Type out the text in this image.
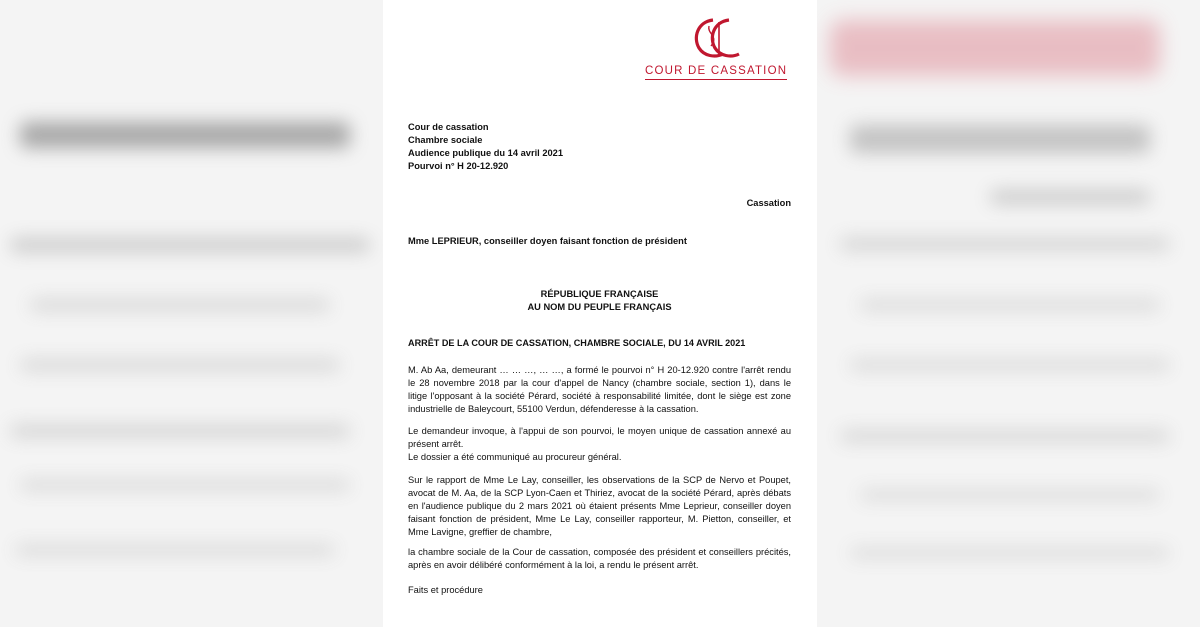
COUR DE CASSATION
Cour de cassation
Chambre sociale
Audience publique du 14 avril 2021
Pourvoi n° H 20-12.920
Cassation
Mme LEPRIEUR, conseiller doyen faisant fonction de président
RÉPUBLIQUE FRANÇAISE
AU NOM DU PEUPLE FRANÇAIS
ARRÊT DE LA COUR DE CASSATION, CHAMBRE SOCIALE, DU 14 AVRIL 2021
M. Ab Aa, demeurant … … …, … …, a formé le pourvoi n° H 20-12.920 contre l'arrêt rendu le 28 novembre 2018 par la cour d'appel de Nancy (chambre sociale, section 1), dans le litige l'opposant à la société Pérard, société à responsabilité limitée, dont le siège est zone industrielle de Baleycourt, 55100 Verdun, défenderesse à la cassation.
Le demandeur invoque, à l'appui de son pourvoi, le moyen unique de cassation annexé au présent arrêt.
Le dossier a été communiqué au procureur général.
Sur le rapport de Mme Le Lay, conseiller, les observations de la SCP de Nervo et Poupet, avocat de M. Aa, de la SCP Lyon-Caen et Thiriez, avocat de la société Pérard, après débats en l'audience publique du 2 mars 2021 où étaient présents Mme Leprieur, conseiller doyen faisant fonction de président, Mme Le Lay, conseiller rapporteur, M. Pietton, conseiller, et Mme Lavigne, greffier de chambre,
la chambre sociale de la Cour de cassation, composée des président et conseillers précités, après en avoir délibéré conformément à la loi, a rendu le présent arrêt.
Faits et procédure
